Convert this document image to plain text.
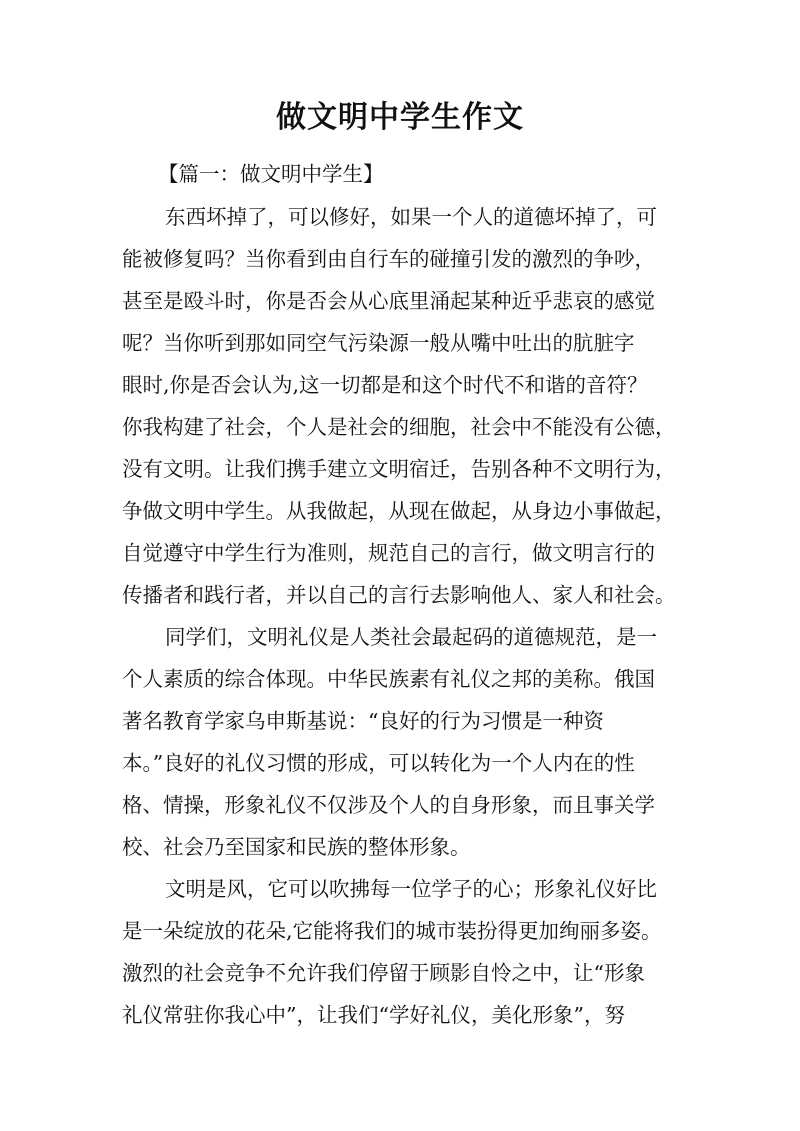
做文明中学生作文

【篇一：做文明中学生】

东西坏掉了，可以修好，如果一个人的道德坏掉了，可

能被修复吗？当你看到由自行车的碰撞引发的激烈的争吵，

甚至是殴斗时，你是否会从心底里涌起某种近乎悲哀的感觉

呢？当你听到那如同空气污染源一般从嘴中吐出的肮脏字

眼时,你是否会认为,这一切都是和这个时代不和谐的音符？

你我构建了社会，个人是社会的细胞，社会中不能没有公德，

没有文明。让我们携手建立文明宿迁，告别各种不文明行为，

争做文明中学生。从我做起，从现在做起，从身边小事做起，

自觉遵守中学生行为准则，规范自己的言行，做文明言行的

传播者和践行者，并以自己的言行去影响他人、家人和社会。

同学们，文明礼仪是人类社会最起码的道德规范，是一

个人素质的综合体现。中华民族素有礼仪之邦的美称。俄国

著名教育学家乌申斯基说：“良好的行为习惯是一种资

本。”良好的礼仪习惯的形成，可以转化为一个人内在的性

格、情操，形象礼仪不仅涉及个人的自身形象，而且事关学

校、社会乃至国家和民族的整体形象。

文明是风，它可以吹拂每一位学子的心；形象礼仪好比

是一朵绽放的花朵,它能将我们的城市装扮得更加绚丽多姿。

激烈的社会竞争不允许我们停留于顾影自怜之中，让“形象

礼仪常驻你我心中”，让我们“学好礼仪，美化形象”，努
